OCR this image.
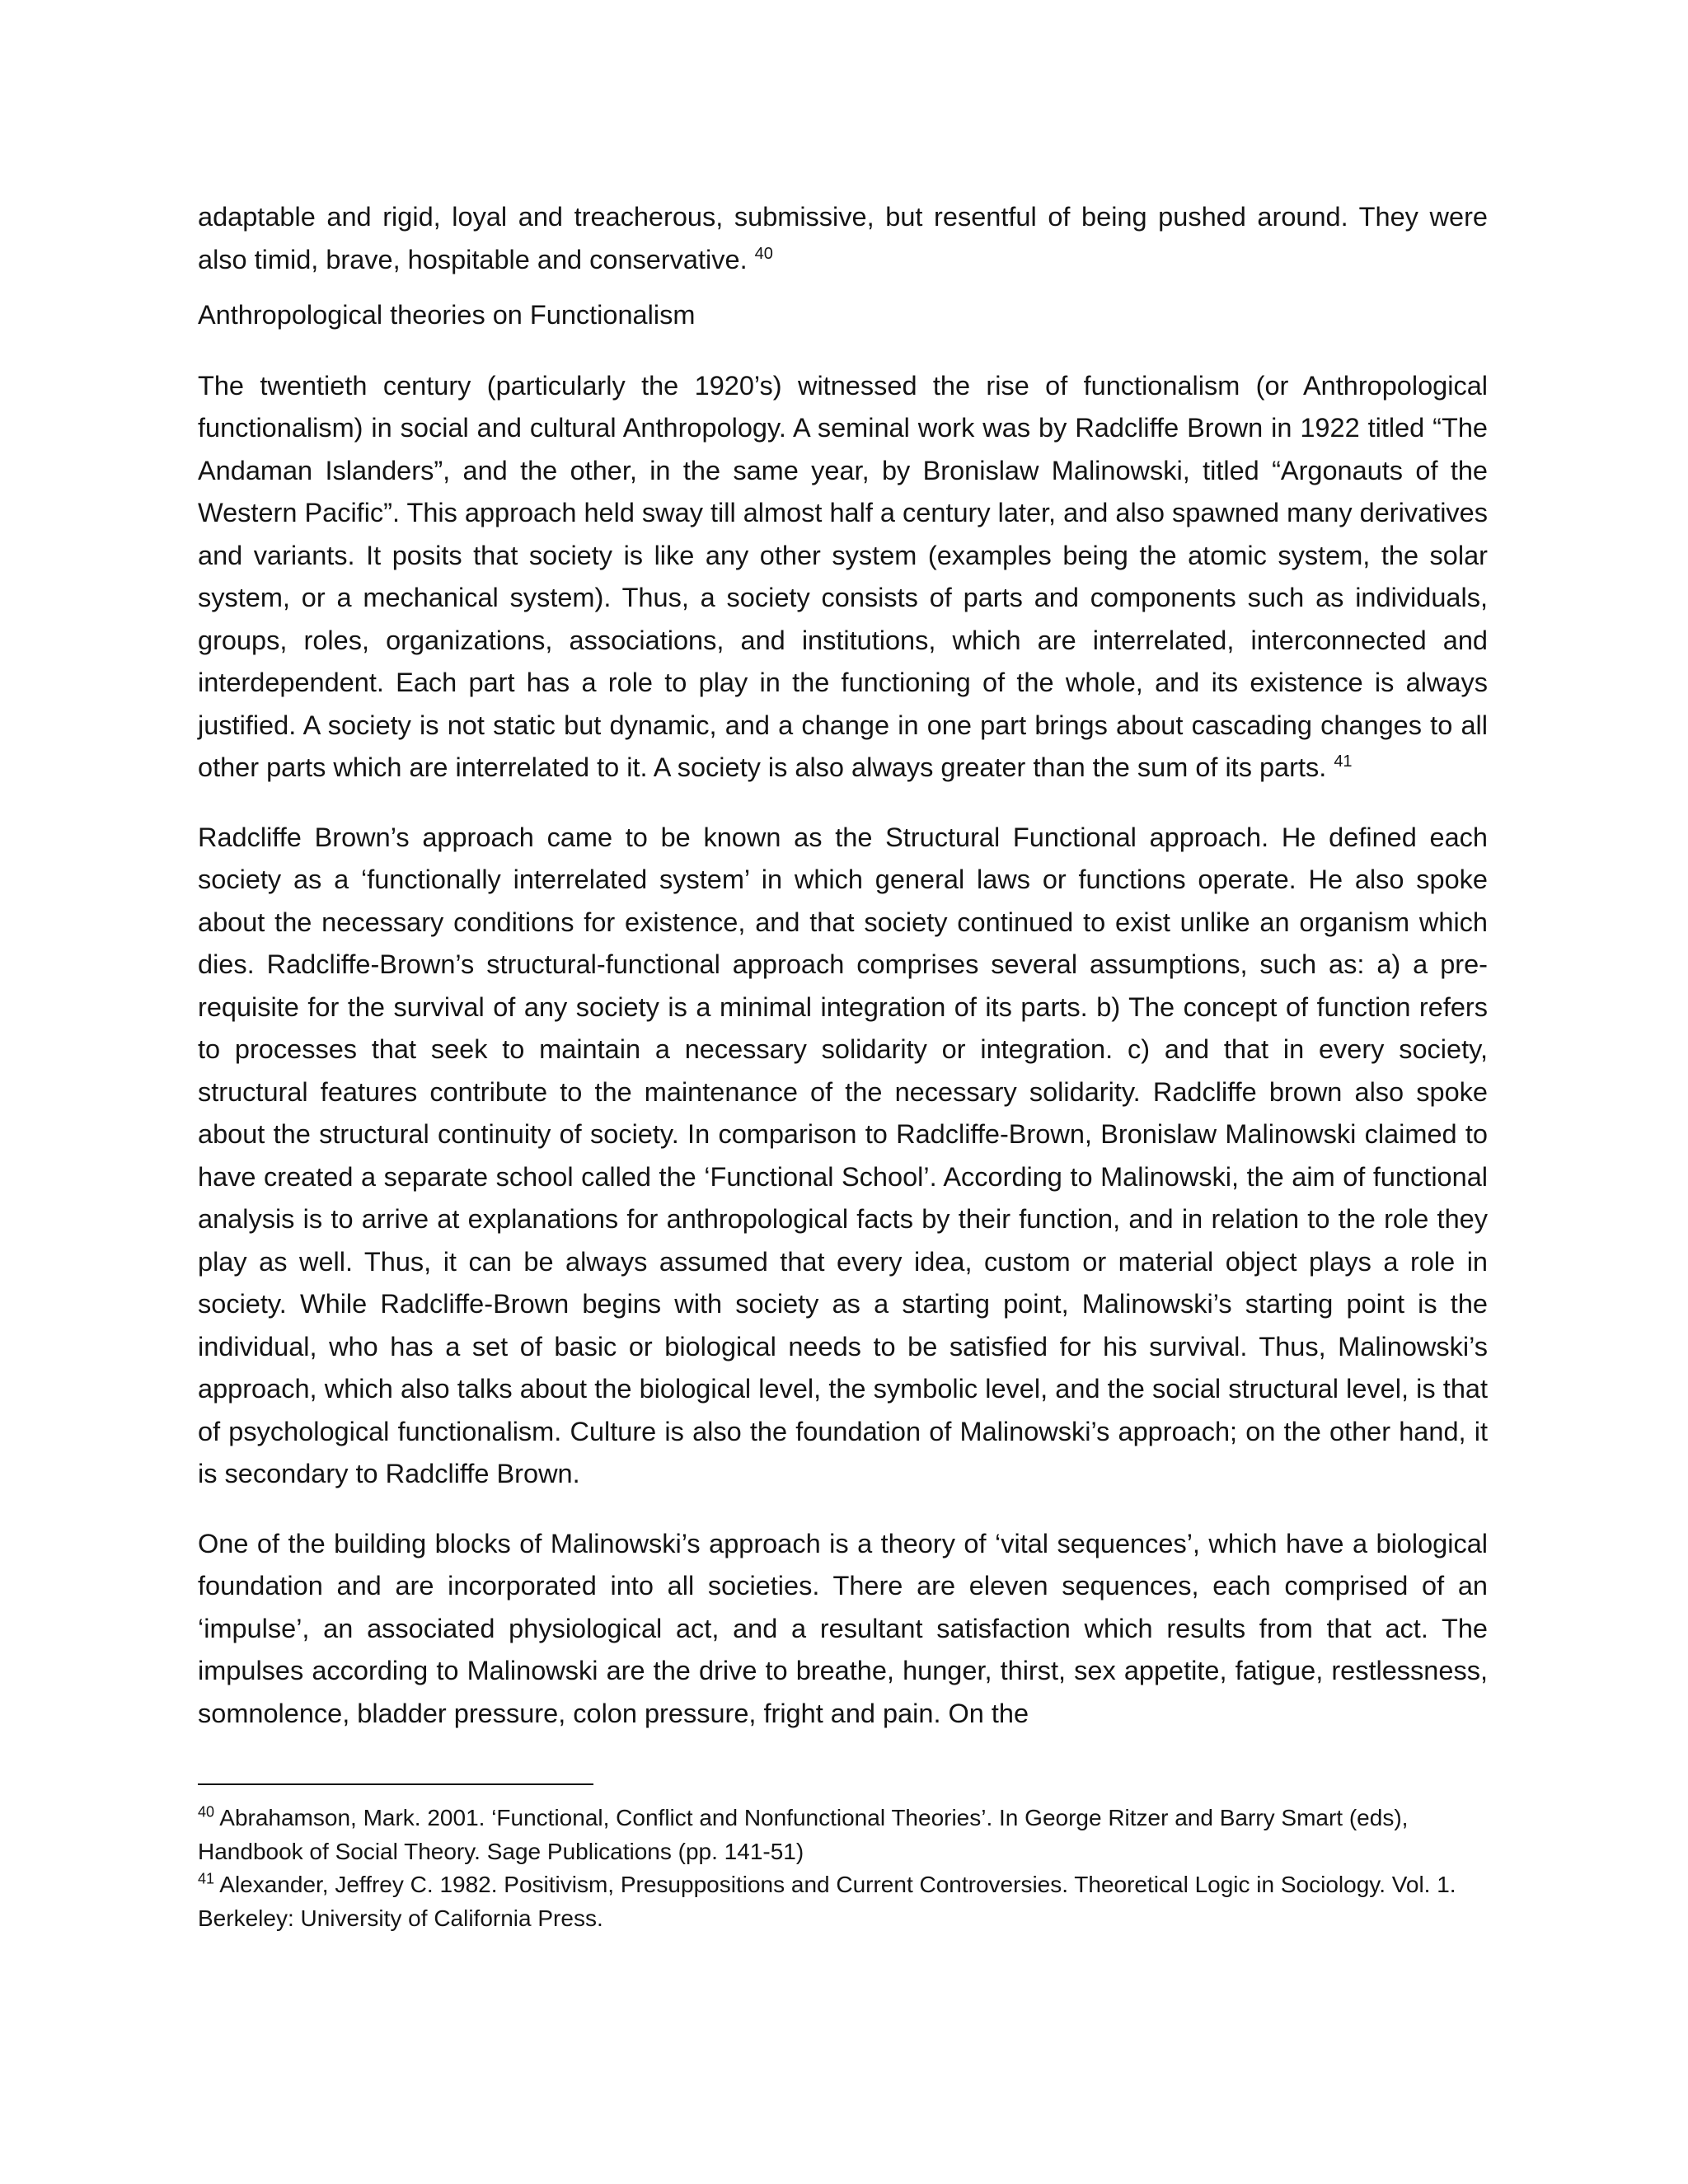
adaptable and rigid, loyal and treacherous, submissive, but resentful of being pushed around. They were also timid, brave, hospitable and conservative. $^{40}$

Anthropological theories on Functionalism

The twentieth century (particularly the 1920’s) witnessed the rise of functionalism (or Anthropological functionalism) in social and cultural Anthropology. A seminal work was by Radcliffe Brown in 1922 titled “The Andaman Islanders”, and the other, in the same year, by Bronislaw Malinowski, titled “Argonauts of the Western Pacific”. This approach held sway till almost half a century later, and also spawned many derivatives and variants. It posits that society is like any other system (examples being the atomic system, the solar system, or a mechanical system). Thus, a society consists of parts and components such as individuals, groups, roles, organizations, associations, and institutions, which are interrelated, interconnected and interdependent. Each part has a role to play in the functioning of the whole, and its existence is always justified. A society is not static but dynamic, and a change in one part brings about cascading changes to all other parts which are interrelated to it. A society is also always greater than the sum of its parts. $^{41}$

Radcliffe Brown’s approach came to be known as the Structural Functional approach. He defined each society as a ‘functionally interrelated system’ in which general laws or functions operate. He also spoke about the necessary conditions for existence, and that society continued to exist unlike an organism which dies. Radcliffe-Brown’s structural-functional approach comprises several assumptions, such as: a) a pre-requisite for the survival of any society is a minimal integration of its parts. b) The concept of function refers to processes that seek to maintain a necessary solidarity or integration. c) and that in every society, structural features contribute to the maintenance of the necessary solidarity. Radcliffe brown also spoke about the structural continuity of society. In comparison to Radcliffe-Brown, Bronislaw Malinowski claimed to have created a separate school called the ‘Functional School’. According to Malinowski, the aim of functional analysis is to arrive at explanations for anthropological facts by their function, and in relation to the role they play as well. Thus, it can be always assumed that every idea, custom or material object plays a role in society. While Radcliffe-Brown begins with society as a starting point, Malinowski’s starting point is the individual, who has a set of basic or biological needs to be satisfied for his survival. Thus, Malinowski’s approach, which also talks about the biological level, the symbolic level, and the social structural level, is that of psychological functionalism. Culture is also the foundation of Malinowski’s approach; on the other hand, it is secondary to Radcliffe Brown.

One of the building blocks of Malinowski’s approach is a theory of ‘vital sequences’, which have a biological foundation and are incorporated into all societies. There are eleven sequences, each comprised of an ‘impulse’, an associated physiological act, and a resultant satisfaction which results from that act. The impulses according to Malinowski are the drive to breathe, hunger, thirst, sex appetite, fatigue, restlessness, somnolence, bladder pressure, colon pressure, fright and pain. On the

$^{40}$ Abrahamson, Mark. 2001. ‘Functional, Conflict and Nonfunctional Theories’. In George Ritzer and Barry Smart (eds), Handbook of Social Theory. Sage Publications (pp. 141-51)

$^{41}$ Alexander, Jeffrey C. 1982. Positivism, Presuppositions and Current Controversies. Theoretical Logic in Sociology. Vol. 1. Berkeley: University of California Press.
